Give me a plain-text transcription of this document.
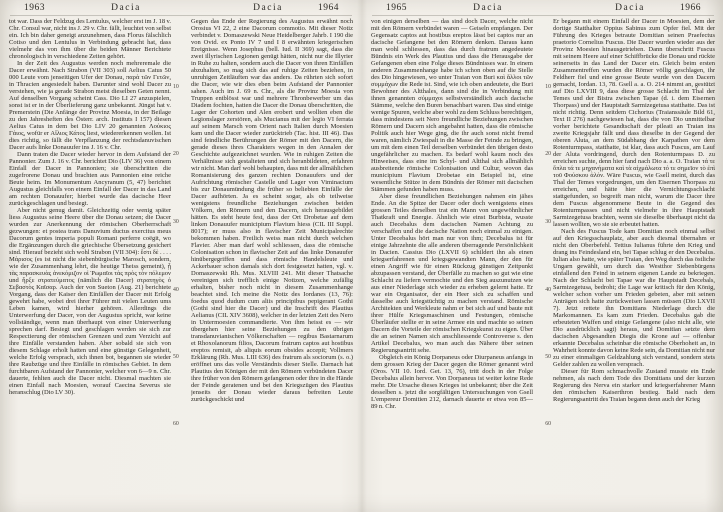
1963	Dacia	Dacia	1964

tot war. Dass der Feldzug des Lentulus, welcher erst im J. 18 v. Chr. Consul war, nicht ins J. 29 v. Chr. fällt, leuchtet von selbst ein. Ich bin daher geneigt anzunehmen, dass Florus fälschlich Cotiso und den Lentulus in Verbindung gebracht hat, dass vielmehr das von ihm über die beiden Männer Berichtete chronologisch in verschiedene Zeiten gehört.

In der Zeit des Augustus werden noch mehreremale die Dacer erwähnt. Nach Strabon (VII 303) soll Aelius Catus 50 000 Leute vom jenseitigen Ufer der Donau, παρὰ τῶν Γετῶν, in Thracien angesiedelt haben. Darunter sind wohl Dacer zu verstehen, wie ja gerade Strabon meist dieselben Geten nennt. Auf denselben Vorgang scheint Cass. Dio LI 27 anzuspielen, sonst ist er in der Überlieferung ganz unbekannt. Jüngst hat v. Premerstein (Die Anfänge der Provinz Moesia, in der Beilage zu den Jahresheften des Österr. arch. Instituts I 157) diesen Aelius Catus in dem bei Dio LIV 20 genannten Λούκιος Γάιος, wofür er Αἴλιος Κάτος liest, wiedererkennen wollen. Ist dies richtig, so fällt die Verpflanzung der rechtsdanuvischen Dacer aufs linke Donauufer ins J. 16 v. Chr.

Dann traten die Dacer wieder hervor in dem Aufstand der Pannonier. Zum J. 16 v. Chr. berichtet Dio (LIV 36) von einem Einfall der Dacer in Pannonien; sie überschritten die zugefrorene Donau und brachten aus Pannonien eine reiche Beute heim. Im Monumentum Ancyranum (5, 47) berichtet Augustus gleichfalls von einem Einfall der Dacer in das Land am rechten Donauufer; hierbei wurde das dacische Heer zurückgeschlagen und besiegt.

Aber nicht genug damit. Gleichzeitig oder wenig später liess Augustus seine Heere über die Donau setzen; die Dacer wurden zur Anerkennung der römischen Oberherrschaft gezwungen: et postea trans Danuvium ductus exercitus meus Dacorum gentes imperia populi Romani perferre coëgit, wo die Ergänzungen durch die griechische Übersetzung gesichert sind. Hierauf bezieht sich wohl Strabon (VII 304): ἔστι δὲ . . . . Μάρισος (es ist nicht die siebenbürgische Marosch, sondern, wie der Zusammenhang lehrt, die heutige Theiss gemeint), ᾗ τὰς παρασκευὰς ἀνεκόμιζον οἱ Ῥωμαῖοι τὰς πρὸς τὸν πόλεμον und ἦρξε στρατεύματος (nämlich die Dacer) στρατηγὸς ὁ Σεβαστὸς Καῖσαρ. Auch der von Sueton (Aug. 21) berichtete Vorgang, dass der Kaiser den Einfällen der Dacer mit Erfolg gewehrt habe, wobei drei ihrer Führer mit vielen Leuten ums Leben kamen, wird hierher gehören. Allerdings die Unterwerfung der Dacer, von der Augustus spricht, war keine vollständige, wenn man überhaupt von einer Unterwerfung sprechen darf. Besiegt und geschlagen werden sie sich zur Respectierung der römischen Grenzen und zum Verzicht auf ihre Einfälle verstanden haben. Aber sobald sie sich von diesem Schlage erholt hatten und eine günstige Gelegenheit, welche Erfolg versprach, sich ihnen bot, begannen sie wieder ihre Raubzüge und ihre Einfälle in römisches Gebiet. In dem furchtbaren Aufstand der Pannonier, welcher von 6—9 n. Chr. dauerte, fehlten auch die Dacer nicht. Diesmal machten sie einen Einfall nach Moesien, worauf Caecina Severus sie heranschlug (Dio LV 30).

10
20
30
40
50
60

Gegen das Ende der Regierung des Augustus erwähnt noch Orosius VI 22, 2 eine Dacorum commotio. Mit dieser Notiz verbindet v. Domaszewski Neue Heidelberger Jahrb. I 190 die von Ovid. ex Ponto IV 7 und I 8 erwähnten kriegerischen Ereignisse. Wenn Josephus (bell. Iud. II 369) sagt, dass die zwei illyrischen Legionen genügt hätten, nicht nur die Illyrier in Ruhe zu halten, sondern auch die Dacer von ihren Einfällen abzuhalten, so mag sich das auf ruhige Zeiten beziehen, in unruhigen Zeitläuften war das anders. Da rührten sich sofort die Dacer, wie wir dies eben beim Aufstand der Pannonier sahen. Auch im J. 69 n. Chr., als die Provinz Moesia von Truppen entblösst war und mehrere Thronbewerber um das Diadem fochten, hatten die Dacer die Donau überschritten, die Lager der Cohorten und Alen erobert und wollten eben die Legionslager zerstören, als Mucianus mit der legio VI ferrata auf seinem Marsch vom Orient nach Italien durch Moesien kam und die Dacer wieder zurücktrieb (Tac. hist. III 46). Das sind feindliche Berührungen der Römer mit den Dacern, die gerade dieses ihres Charakters wegen in den Annalen der Geschichte aufgezeichnet wurden. Wie in ruhigen Zeiten die Verhältnisse sich gestalteten und sich heranbildeten, erfahren wir nicht. Man darf wohl behaupten, dass mit der allmählichen Romanisierung des ganzen rechten Donauufers und der Aufrichtung römischer Castelle und Lager von Viminacium bis zur Donaumündung die früher so beliebten Einfälle der Dacer aufhörten. Ja es scheint sogar, als ob teilweise wenigstens freundliche Beziehungen zwischen beiden Völkern, den Römern und den Dacern, sich herausgebildet hätten. Es steht heute fest, dass der Ort Drobetae auf dem linken Donauufer municipium Flavium hiess (CIL III Suppl. 8017); er muss also in flavischer Zeit Municipalrechte bekommen haben. Freilich weiss man nicht durch welchen Flavier. Aber man darf wohl schliessen, dass die römische Colonisation schon in flavischer Zeit auf das linke Donauufer hinübergegriffen und dass römische Handelsleute und Ackerbauer schon damals sich dort festgesetzt hatten, vgl. v. Domaszewski Rh. Mus. XLVIII 241. Mit dieser Thatsache vereinigen sich trefflich einige Notizen, welche zufällig erhalten, bisher noch nicht in diesem Zusammenhange beachtet sind. Ich meine die Notiz des Iordanes (13, 76): foedus quod dudum cum aliis principibus pepigerant Gothi (Gothi sind hier die Dacer) und die Inschrift des Plautius Aelianus (CIL XIV 3608), welcher in der letzten Zeit des Nero in Untermoesien commandierte. Von ihm heisst es — wir übergehen hier seine Beziehungen zu den übrigen transdanuvianischen Völkerschaften — regibus Bastarnarum et Rhoxolanorum filios, Dacorum fratrum captos aut hostibus ereptos remisit, ab aliquis eorum obsides accepit; Vollmers Erklärung (Rh. Mus. LIII 636) des fratrum als sociorum (s. o.) eröffnet uns das volle Verständnis dieser Stelle. Darnach hat Plautius den Königen der mit den Römern verbündeten Dacer ihre früher von den Römern gefangenen oder ihre in die Hände der Feinde geratenen und bei den Kriegszügen des Plautius jenseits der Donau wieder daraus befreiten Leute zurückgeschickt und

1965	Dacia	Dacia	1966

von einigen derselben — das sind doch Dacer, welche nicht mit den Römern verbündet waren — Geiseln empfangen. Der Gegensatz captos aut hostibus ereptos lässt bei captos nur an dacische Gefangene bei den Römern denken. Daraus kann man wohl schliessen, dass das durch fratrum angedeutete Bündnis ein Werk des Plautius und dass die Herausgabe der Gefangenen eben eine Folge dieses Bündnisses war. In einem anderen Zusammenhange habe ich schon oben auf die Stelle des Dio hingewiesen, wo unter Traian von Buri καὶ ἄλλοι τῶν συμμάχων die Rede ist. Sind, wie ich oben andeutete, die Buri Bewohner des Altthales, dann sind die in Verbindung mit ihnen genannten σύμμαχοι selbstverständlich auch dacische Stämme, welche den Buren benachbart waren. Das sind einige wenige Spuren, welche aber wohl zu dem Schluss berechtigen, dass mindestens seit Nero freundliche Beziehungen zwischen Römern und Dacern sich angebahnt hatten, dass die römische Politik auch hier Wege ging, die ihr auch sonst nicht fremd waren, nämlich Zwiespalt in die Masse der Feinde zu bringen, um mit dem einen Teil derselben verbündet den übrigen desto ungefährlicher zu machen. Es bedarf wohl kaum noch des Hinweises, dass eine im Schyl- und Altthal sich allmählich ausbreitende römische Colonisation und Cultur, wovon das municipium Flavium Drobetae ein Beispiel ist, eine wesentliche Stütze in dem Bündnis der Römer mit dacischen Stämmen gefunden haben muss.

Aber diese freundlichen Beziehungen nahmen ein jähes Ende. An die Spitze der Dacer oder doch wenigstens eines grossen Teiles derselben trat ein Mann von ungewöhnlicher Thatkraft und Energie. Ähnlich wie einst Burbista, wusste auch Decebalus dem dacischen Namen Achtung zu verschaffen und die dacische Nation noch einmal zu einigen. Unter Decebalus hört man nur von ihm; Decebalus ist für einige Jahrzehnte die alle anderen überragende Persönlichkeit in Dacien. Cassius Dio (LXVII 6) schildert ihn als einen kriegserfahrenen und kriegsgewandten Mann, der den für einen Angriff wie für einen Rückzug günstigen Zeitpunkt abzupassen verstand, der Überfälle zu machen so gut wie eine Schlacht zu liefern vermochte und den Sieg auszunutzen wie aus einer Niederlage sich wieder zu erheben gelernt hatte. Er war ein Organisator, der ein Heer sich zu schaffen und dasselbe auch kriegstüchtig zu machen verstand. Römische Architekten und Werkleute nahm er bei sich auf und baute mit ihrer Hülfe Kriegsmaschinen und Festungen, römische Überläufer stellte er in seine Armee ein und machte so seinen Dacern die Vorteile der römischen Kriegskunst zu eigen. Über die an seinen Namen sich anschliessende Controverse s. den Artikel Decebalus, wo man auch das Nähere über seinen Regierungsantritt sehe.

Obgleich ein König Dorpaneus oder Diurpaneus anfangs in dem grossen Krieg der Dacer gegen die Römer genannt wird (Oros. VII 10. Iord. Get. 13, 76), tritt doch in der Folge Decebalus allein hervor. Von Dorpaneus ist weiter keine Rede mehr. Die Ursache dieses Krieges ist unbekannt; über die Zeit desselben s. jetzt die sorgfältigen Untersuchungen von Gsell L'empereur Domitien 212, darnach dauerte er etwa von 85—89 n. Chr.

10
20
30
40
50
60

Er begann mit einem Einfall der Dacer in Moesien, dem der dortige Statthalter Oppius Sabinus zum Opfer fiel. Mit der Führung des Krieges betraute Domitian seinen Praefectus praetorio Cornelius Fuscus. Die Dacer wurden wieder aus der Provinz Moesien hinausgetrieben. Dann überschritt Fuscus mit seinem Heere auf einer Schiffbrücke die Donau und rückte seinerseits in das Land der Dacer ein. Gleich beim ersten Zusammentreffen wurden die Römer völlig geschlagen, ihr Feldherr fiel und eine grosse Beute wurde von den Dacern gemacht, Iordan. 13, 78. Gsell a. a. O. 214 nimmt an, gestützt auf Dio LXVIII 9, dass diese grosse Schlacht im Thal der Temes und der Bistra zwischen Tapae (d. i. dem Eisernen Thorpass) und der Hauptstadt Sarmizegetusa statthatte. Das ist nicht richtig. Denn seitdem Cichorius (Traianssäule Bild 61, Text II 276) nachgewiesen hat, dass die von Dio unmittelbar vorher berichtete Gesandtschaft der pileati an Traian ins zweite Kriegsjahr fällt und dass dieselbe in der Gegend der oberen Aluta, an dem Südabhang der Karpathen vor dem Rotenturmpass, statthatte, ist klar, dass auch Fuscus, am Lauf der Aluta vordringend, durch den Rotenturmpass D. zu erreichen suchte, denn hier fand nach Dio a. a. O. Traian τά τε ὅπλα τά τε μηχανήματα καὶ τὰ αἰχμάλωτα τό τε σημεῖον τὸ ἐπὶ τοῦ Φούσκου ἁλόν. Wäre Fuscus, wie Gsell meint, durch das Thal der Temes vorgedrungen, um den Eisernen Thorpass zu erreichen, und hätte hier die Vernichtungsschlacht stattgefunden, so begreift man nicht, warum die Dacer ihre dem Fuscus abgenommene Beute in die Gegend des Rotenturmpasses und nicht vielmehr in ihre Hauptstadt Sarmizegetusa brachten, wenn sie dieselbe überhaupt nicht da lassen wollten, wo sie sie erbeutet hatten.

Nach des Fuscus Tode kam Domitian noch einmal selbst auf den Kriegsschauplatz, aber auch diesmal übernahm er nicht den Oberbefehl. Tettius Iulianus führte den Krieg und drang ins Feindesland ein, bei Tapae schlug er den Decebalus. Iulian also hatte, wie später Traian, den Weg durch das östliche Ungarn gewählt, um durch das Westthor Siebenbürgens einfallend den Feind in seinem eigenen Lande zu bekriegen. Nach der Schlacht bei Tapae war die Hauptstadt Decebals, Sarmizegetusa, bedroht; die Lage war kritisch für den König, welcher schon vorher um Frieden gebeten, aber mit seinen Anträgen sich hatte zurückweisen lassen müssen (Dio LXVII 7). Jetzt rettete ihn Domitians Niederlage durch die Markomannen. Es kam zum Frieden. Decebalus gab die erbeuteten Waffen und einige Gefangene (also nicht alle, wie Dio ausdrücklich sagt) heraus, und Domitian setzte dem dacischen Abgesandten Diegis die Krone auf — offenbar erkannte Decebalus scheinbar die römische Oberhoheit an, in Wahrheit konnte davon keine Rede sein, da Domitian nicht nur zu einer einmaligen Geldzahlung sich verstand, sondern stets Gelder zahlen zu wollen versprach.

Dieser für Rom schmachvolle Zustand musste ein Ende nehmen, als nach dem Tode des Domitians und der kurzen Regierung des Nerva ein starker und kriegserfahrener Mann den römischen Kaiserthron bestieg. Bald nach dem Regierungsantritt des Traian begann denn auch der Krieg
